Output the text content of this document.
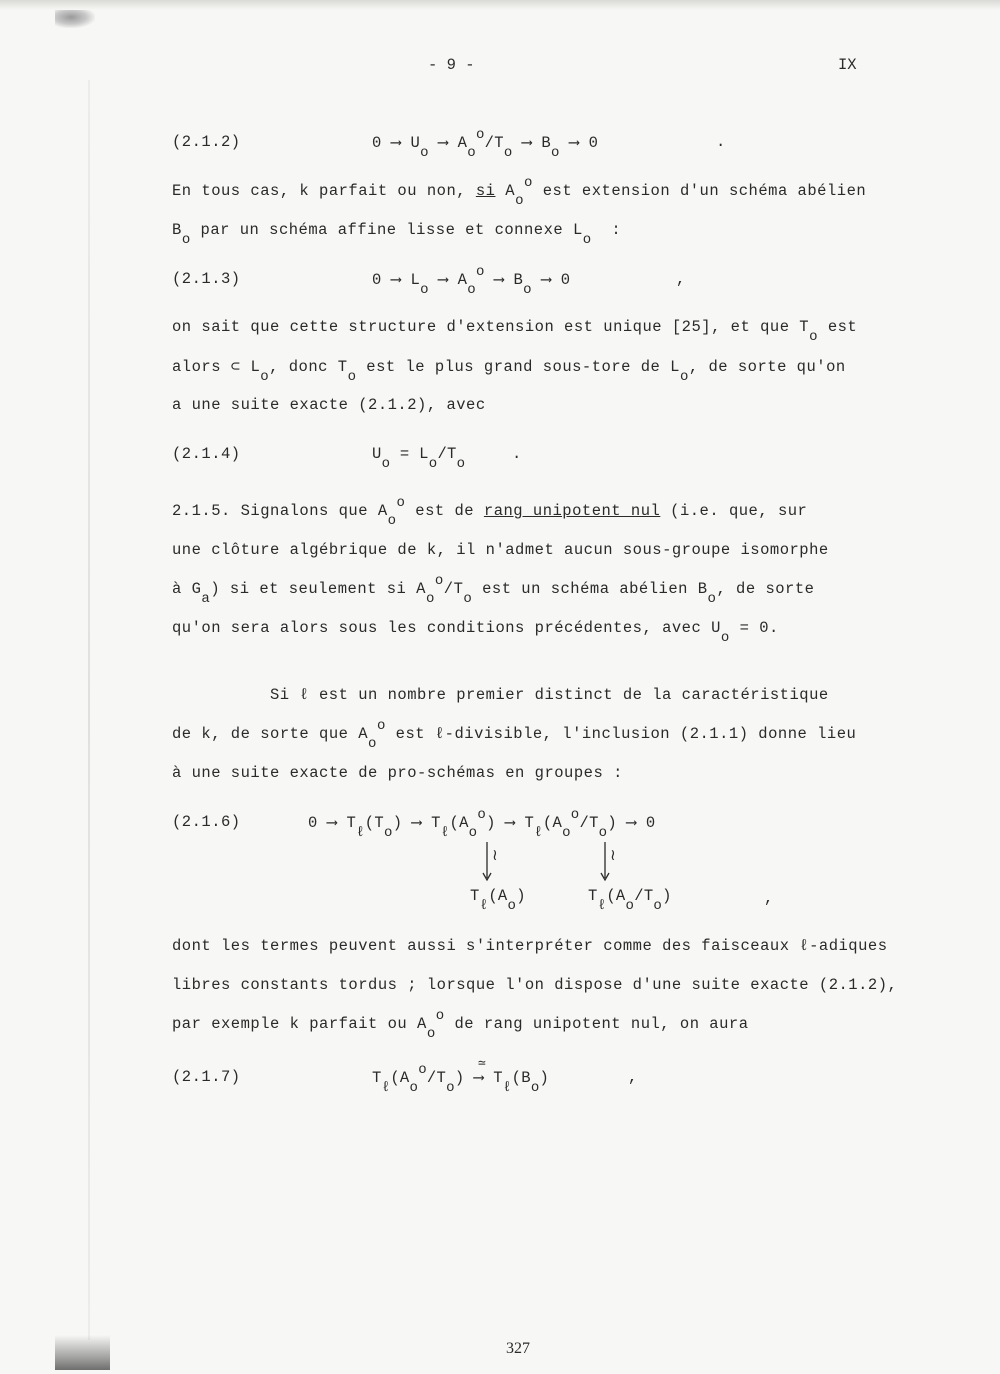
- 9 -	IX
(2.1.2)	0 ⟶ Uo ⟶ Aoo/To ⟶ Bo ⟶ 0	.
En tous cas, k parfait ou non, si Aoo est extension d'un schéma abélien
Bo par un schéma affine lisse et connexe Lo  :
(2.1.3)	0 ⟶ Lo ⟶ Aoo ⟶ Bo ⟶ 0	,
on sait que cette structure d'extension est unique [25], et que To est
alors ⊂ Lo, donc To est le plus grand sous-tore de Lo, de sorte qu'on
a une suite exacte (2.1.2), avec
(2.1.4)	Uo = Lo/To
.
2.1.5. Signalons que Aoo est de rang unipotent nul (i.e. que, sur
une clôture algébrique de k, il n'admet aucun sous-groupe isomorphe
à Ga) si et seulement si Aoo/To est un schéma abélien Bo, de sorte
qu'on sera alors sous les conditions précédentes, avec Uo = 0.
Si ℓ est un nombre premier distinct de la caractéristique
de k, de sorte que Aoo est ℓ-divisible, l'inclusion (2.1.1) donne lieu
à une suite exacte de pro-schémas en groupes :
(2.1.6)	0 ⟶ Tℓ(To) ⟶ Tℓ(Aoo) ⟶ Tℓ(Aoo/To) ⟶ 0
≀	≀
Tℓ(Ao)	Tℓ(Ao/To)	,
dont les termes peuvent aussi s'interpréter comme des faisceaux ℓ-adiques
libres constants tordus ; lorsque l'on dispose d'une suite exacte (2.1.2),
par exemple k parfait ou Aoo de rang unipotent nul, on aura
(2.1.7)	Tℓ(Aoo/To)
≃
⟶ Tℓ(Bo)	,
327
